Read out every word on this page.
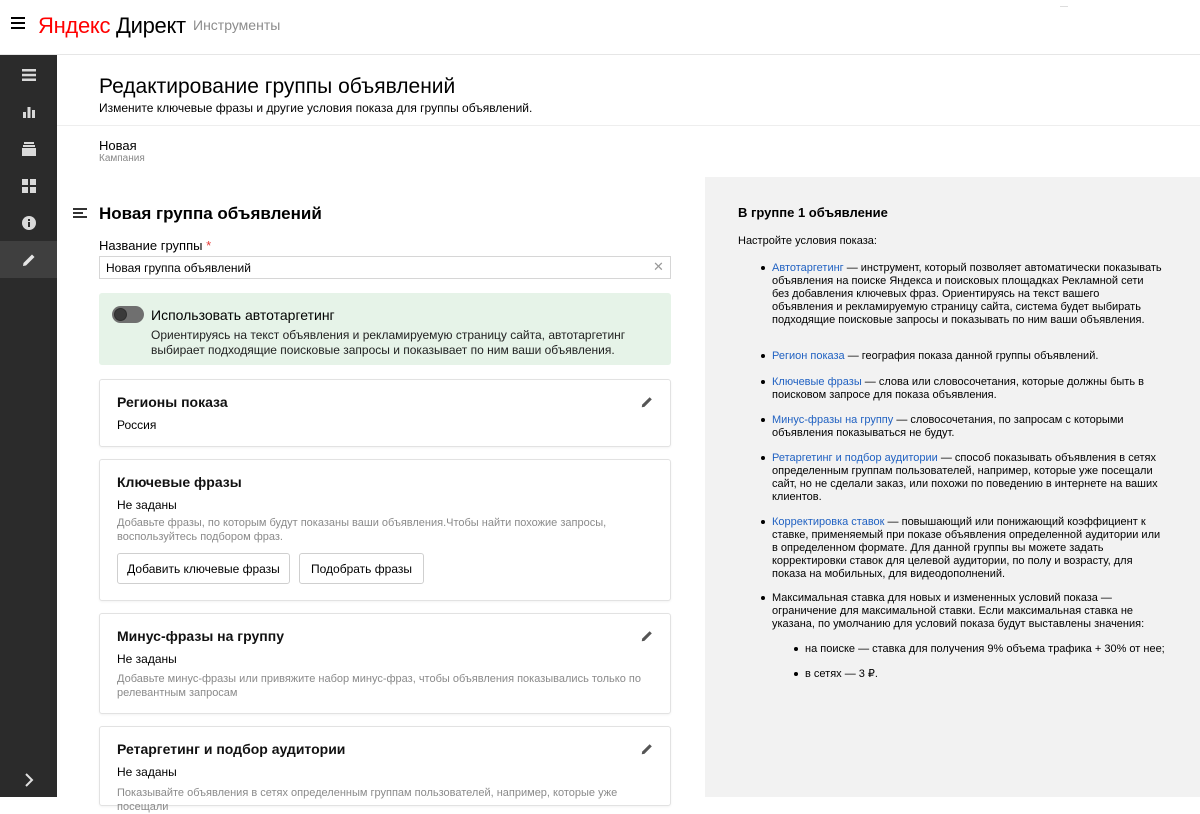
Яндекс Директ Инструменты
Редактирование группы объявлений
Измените ключевые фразы и другие условия показа для группы объявлений.
Новая
Кампания
Новая группа объявлений
Название группы *
Новая группа объявлений
✕
Использовать автотаргетинг
Ориентируясь на текст объявления и рекламируемую страницу сайта, автотаргетинг выбирает подходящие поисковые запросы и показывает по ним ваши объявления.
Регионы показа
Россия
Ключевые фразы
Не заданы
Добавьте фразы, по которым будут показаны ваши объявления.Чтобы найти похожие запросы, воспользуйтесь подбором фраз.
Добавить ключевые фразы	Подобрать фразы
Минус-фразы на группу
Не заданы
Добавьте минус-фразы или привяжите набор минус-фраз, чтобы объявления показывались только по релевантным запросам
Ретаргетинг и подбор аудитории
Не заданы
Показывайте объявления в сетях определенным группам пользователей, например, которые уже посещали
В группе 1 объявление
Настройте условия показа:
Автотаргетинг — инструмент, который позволяет автоматически показывать объявления на поиске Яндекса и поисковых площадках Рекламной сети без добавления ключевых фраз. Ориентируясь на текст вашего объявления и рекламируемую страницу сайта, система будет выбирать подходящие поисковые запросы и показывать по ним ваши объявления.
Регион показа — география показа данной группы объявлений.
Ключевые фразы — слова или словосочетания, которые должны быть в поисковом запросе для показа объявления.
Минус-фразы на группу — словосочетания, по запросам с которыми объявления показываться не будут.
Ретаргетинг и подбор аудитории — способ показывать объявления в сетях определенным группам пользователей, например, которые уже посещали сайт, но не сделали заказ, или похожи по поведению в интернете на ваших клиентов.
Корректировка ставок — повышающий или понижающий коэффициент к ставке, применяемый при показе объявления определенной аудитории или в определенном формате. Для данной группы вы можете задать корректировки ставок для целевой аудитории, по полу и возрасту, для показа на мобильных, для видеодополнений.
Максимальная ставка для новых и измененных условий показа — ограничение для максимальной ставки. Если максимальная ставка не указана, по умолчанию для условий показа будут выставлены значения:
на поиске — ставка для получения 9% объема трафика + 30% от нее;
в сетях — 3 ₽.
